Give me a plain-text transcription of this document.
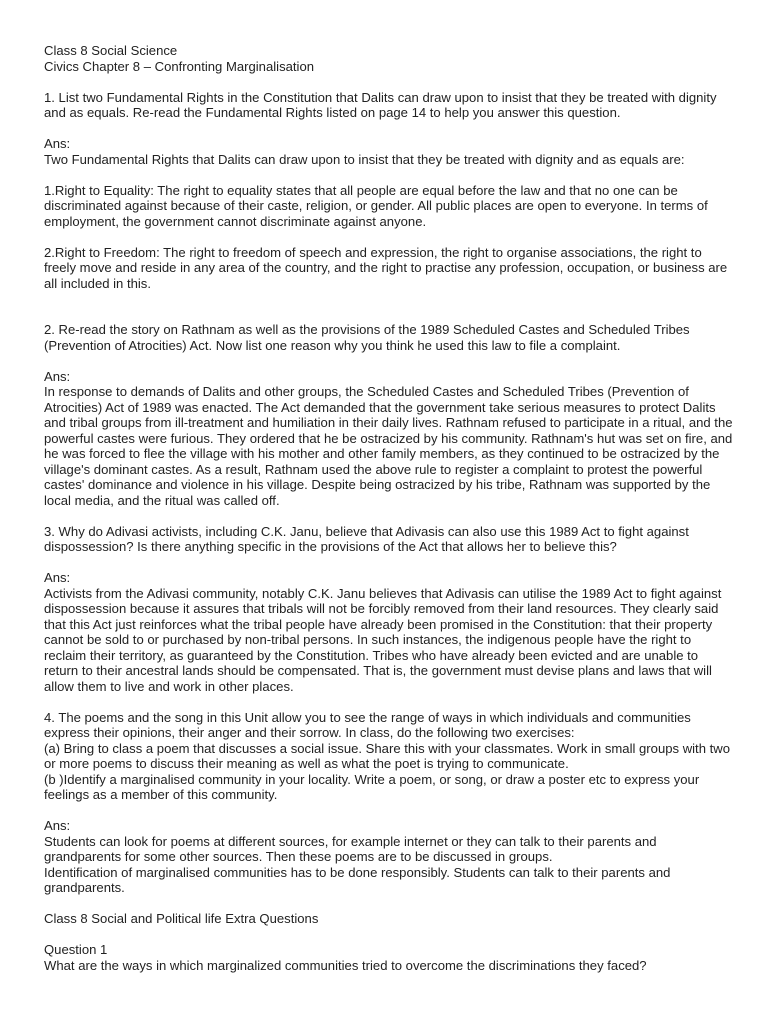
Class 8 Social Science

Civics Chapter 8 – Confronting Marginalisation

1. List two Fundamental Rights in the Constitution that Dalits can draw upon to insist that they be treated with dignity and as equals. Re-read the Fundamental Rights listed on page 14 to help you answer this question.

Ans:

Two Fundamental Rights that Dalits can draw upon to insist that they be treated with dignity and as equals are:

1.Right to Equality: The right to equality states that all people are equal before the law and that no one can be discriminated against because of their caste, religion, or gender. All public places are open to everyone. In terms of employment, the government cannot discriminate against anyone.

2.Right to Freedom: The right to freedom of speech and expression, the right to organise associations, the right to freely move and reside in any area of the country, and the right to practise any profession, occupation, or business are all included in this.

2. Re-read the story on Rathnam as well as the provisions of the 1989 Scheduled Castes and Scheduled Tribes (Prevention of Atrocities) Act. Now list one reason why you think he used this law to file a complaint.

Ans:

In response to demands of Dalits and other groups, the Scheduled Castes and Scheduled Tribes (Prevention of Atrocities) Act of 1989 was enacted. The Act demanded that the government take serious measures to protect Dalits and tribal groups from ill-treatment and humiliation in their daily lives. Rathnam refused to participate in a ritual, and the powerful castes were furious. They ordered that he be ostracized by his community. Rathnam's hut was set on fire, and he was forced to flee the village with his mother and other family members, as they continued to be ostracized by the village's dominant castes. As a result, Rathnam used the above rule to register a complaint to protest the powerful castes' dominance and violence in his village. Despite being ostracized by his tribe, Rathnam was supported by the local media, and the ritual was called off.

3. Why do Adivasi activists, including C.K. Janu, believe that Adivasis can also use this 1989 Act to fight against dispossession? Is there anything specific in the provisions of the Act that allows her to believe this?

Ans:

Activists from the Adivasi community, notably C.K. Janu believes that Adivasis can utilise the 1989 Act to fight against dispossession because it assures that tribals will not be forcibly removed from their land resources. They clearly said that this Act just reinforces what the tribal people have already been promised in the Constitution: that their property cannot be sold to or purchased by non-tribal persons. In such instances, the indigenous people have the right to reclaim their territory, as guaranteed by the Constitution. Tribes who have already been evicted and are unable to return to their ancestral lands should be compensated. That is, the government must devise plans and laws that will allow them to live and work in other places.

4. The poems and the song in this Unit allow you to see the range of ways in which individuals and communities express their opinions, their anger and their sorrow. In class, do the following two exercises:

(a) Bring to class a poem that discusses a social issue. Share this with your classmates. Work in small groups with two or more poems to discuss their meaning as well as what the poet is trying to communicate.

(b )Identify a marginalised community in your locality. Write a poem, or song, or draw a poster etc to express your feelings as a member of this community.

Ans:

Students can look for poems at different sources, for example internet or they can talk to their parents and grandparents for some other sources. Then these poems are to be discussed in groups.

Identification of marginalised communities has to be done responsibly. Students can talk to their parents and grandparents.

Class 8 Social and Political life Extra Questions

Question 1

What are the ways in which marginalized communities tried to overcome the discriminations they faced?
